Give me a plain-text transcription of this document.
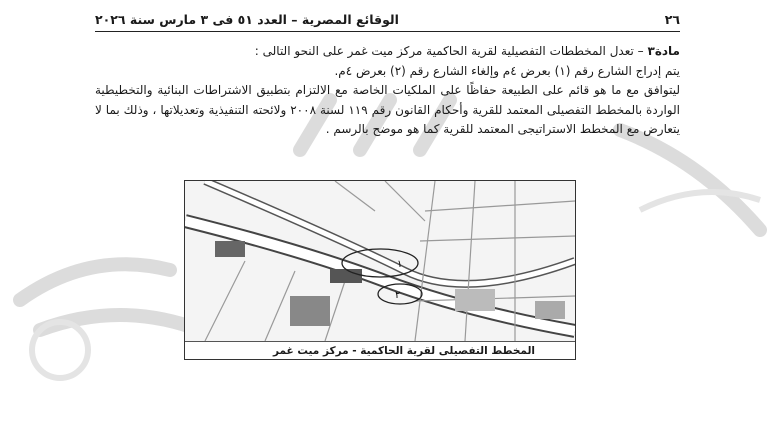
٢٦
الوقائع المصرية – العدد ٥١ فى ٣ مارس سنة ٢٠٢٦

مادة٣ – تعدل المخططات التفصيلية لقرية الحاكمية مركز ميت غمر على النحو التالى :

يتم إدراج الشارع رقم (١) بعرض ٤م وإلغاء الشارع رقم (٢) بعرض ٤م.

ليتوافق مع ما هو قائم على الطبيعة حفاظًا على الملكيات الخاصة مع الالتزام بتطبيق الاشتراطات البنائية والتخطيطية الواردة بالمخطط التفصيلى المعتمد للقرية وأحكام القانون رقم ١١٩ لسنة ٢٠٠٨ ولائحته التنفيذية وتعديلاتها ، وذلك بما لا يتعارض مع المخطط الاستراتيجى المعتمد للقرية كما هو موضح بالرسم .

١
٢
المخطط التفصيلى لقرية الحاكمية - مركز ميت غمر
